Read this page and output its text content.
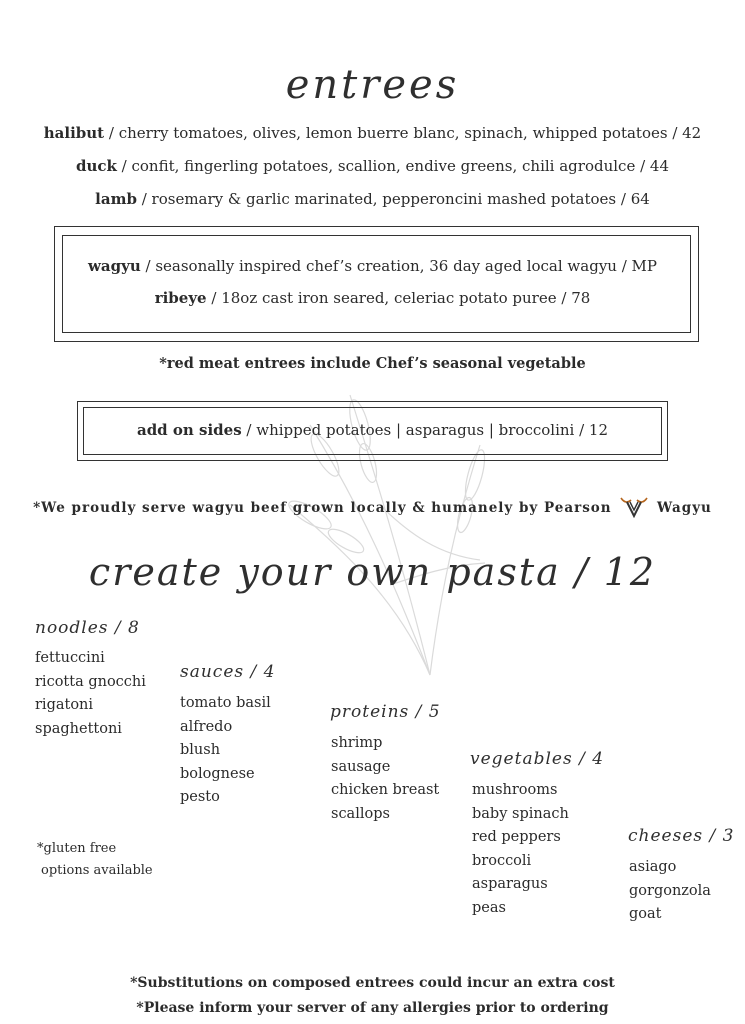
entrees
halibut / cherry tomatoes, olives, lemon buerre blanc, spinach, whipped potatoes / 42
duck / confit, fingerling potatoes, scallion, endive greens, chili agrodulce / 44
lamb / rosemary & garlic marinated, pepperoncini mashed potatoes / 64
wagyu / seasonally inspired chef’s creation, 36 day aged local wagyu / MP
ribeye / 18oz cast iron seared, celeriac potato puree / 78
*red meat entrees include Chef’s seasonal vegetable
add on sides / whipped potatoes | asparagus | broccolini / 12
*We proudly serve wagyu beef grown locally & humanely by Pearson	Wagyu
create your own pasta / 12
noodles / 8
fettuccini
ricotta gnocchi
rigatoni
spaghettoni
sauces / 4
tomato basil
alfredo
blush
bolognese
pesto
proteins / 5
shrimp
sausage
chicken breast
scallops
vegetables / 4
mushrooms
baby spinach
red peppers
broccoli
asparagus
peas
cheeses / 3
asiago
gorgonzola
goat
*gluten free
options available
*Substitutions on composed entrees could incur an extra cost
*Please inform your server of any allergies prior to ordering
